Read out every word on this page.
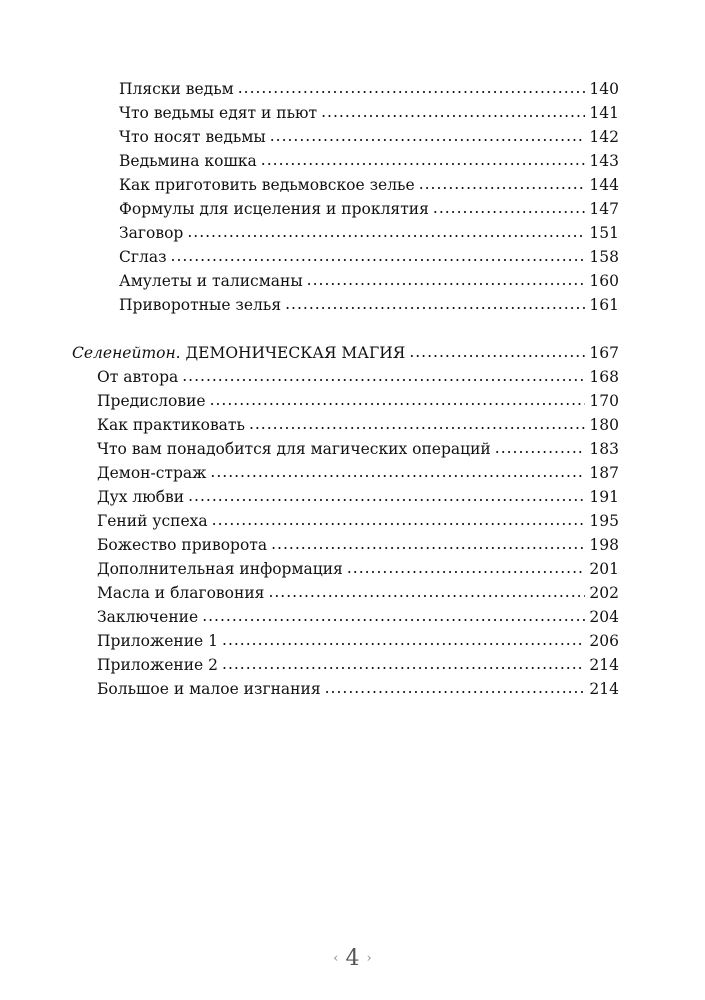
Пляски ведьм .....	140
Что ведьмы едят и пьют .....	141
Что носят ведьмы .....	142
Ведьмина кошка .....	143
Как приготовить ведьмовское зелье .....	144
Формулы для исцеления и проклятия .....	147
Заговор .....	151
Сглаз .....	158
Амулеты и талисманы .....	160
Приворотные зелья .....	161
Селенейтон. ДЕМОНИЧЕСКАЯ МАГИЯ .....	167
От автора .....	168
Предисловие .....	170
Как практиковать .....	180
Что вам понадобится для магических операций .....	183
Демон-страж .....	187
Дух любви .....	191
Гений успеха .....	195
Божество приворота .....	198
Дополнительная информация .....	201
Масла и благовония .....	202
Заключение .....	204
Приложение 1 .....	206
Приложение 2 .....	214
Большое и малое изгнания .....	214
‹ 4 ›
